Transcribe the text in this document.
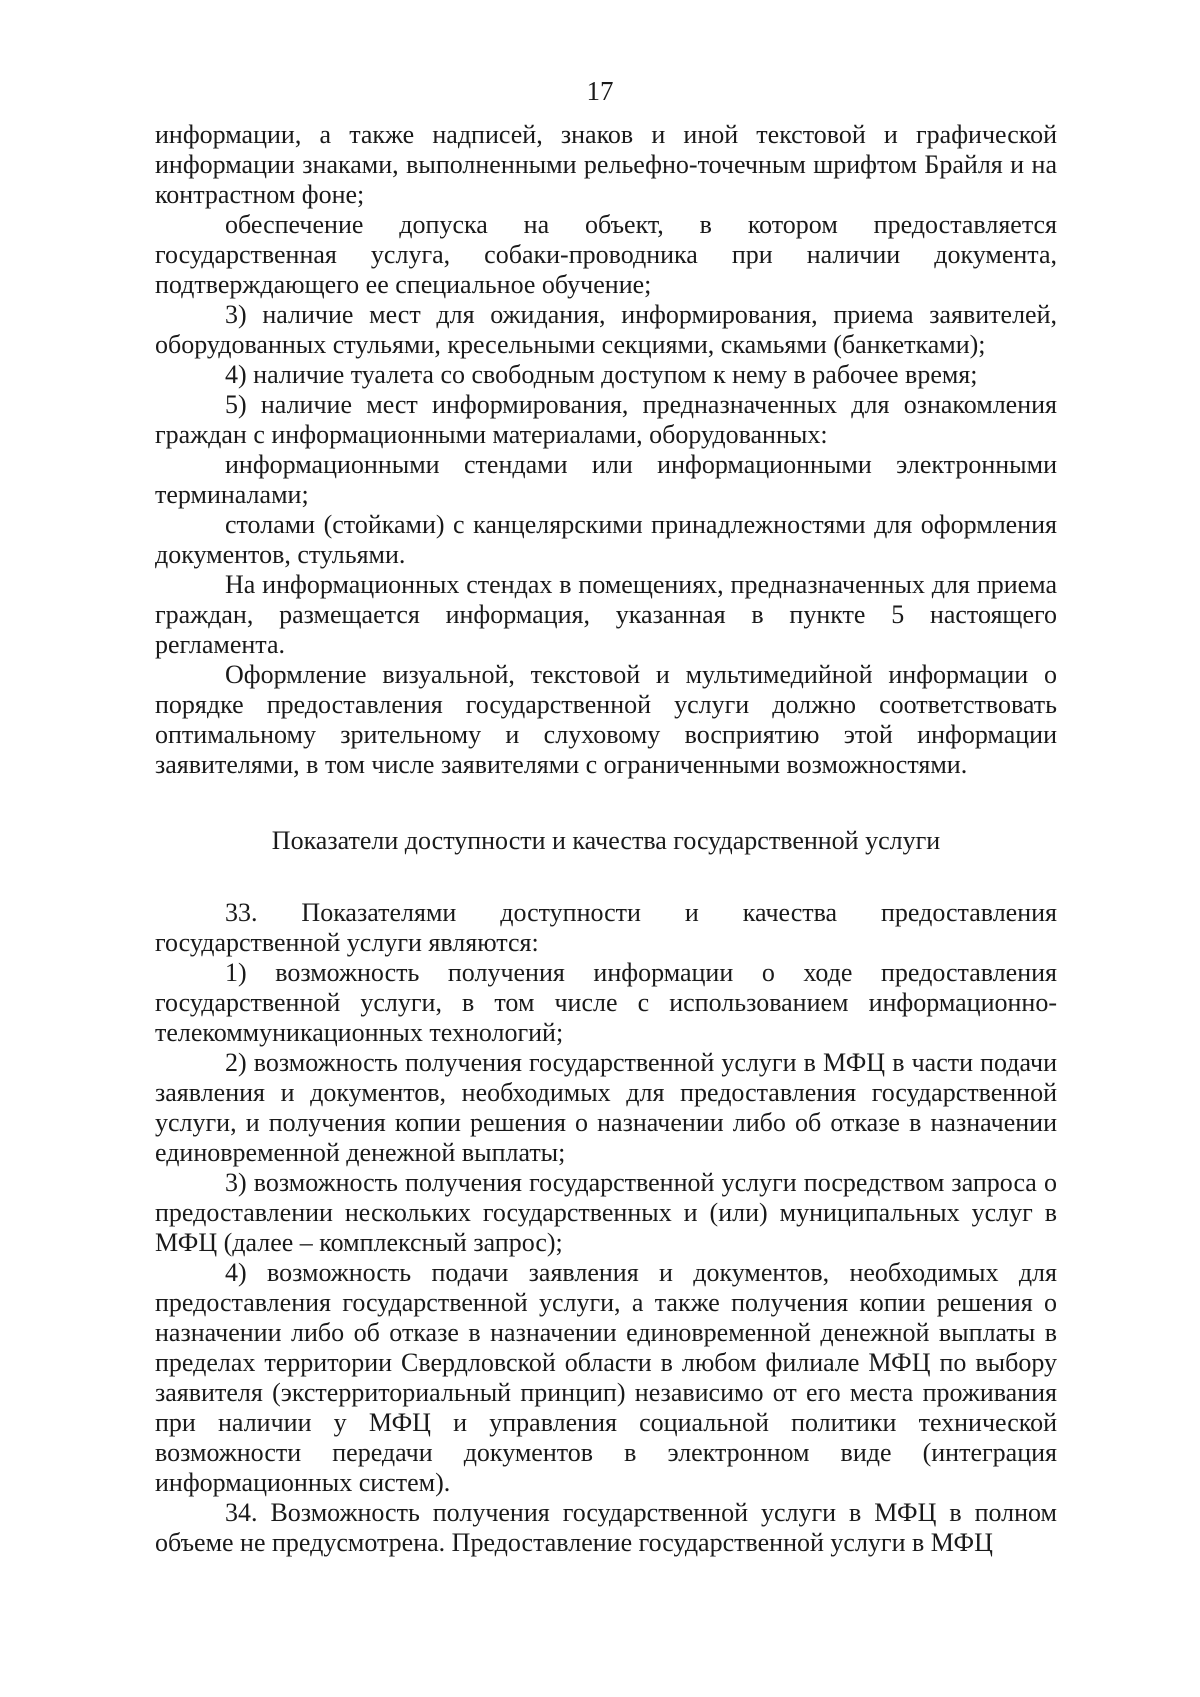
17

информации, а также надписей, знаков и иной текстовой и графической информации знаками, выполненными рельефно-точечным шрифтом Брайля и на контрастном фоне;

обеспечение допуска на объект, в котором предоставляется государственная услуга, собаки-проводника при наличии документа, подтверждающего ее специальное обучение;

3) наличие мест для ожидания, информирования, приема заявителей, оборудованных стульями, кресельными секциями, скамьями (банкетками);

4) наличие туалета со свободным доступом к нему в рабочее время;

5) наличие мест информирования, предназначенных для ознакомления граждан с информационными материалами, оборудованных:

информационными стендами или информационными электронными терминалами;

столами (стойками) с канцелярскими принадлежностями для оформления документов, стульями.

На информационных стендах в помещениях, предназначенных для приема граждан, размещается информация, указанная в пункте 5 настоящего регламента.

Оформление визуальной, текстовой и мультимедийной информации о порядке предоставления государственной услуги должно соответствовать оптимальному зрительному и слуховому восприятию этой информации заявителями, в том числе заявителями с ограниченными возможностями.

Показатели доступности и качества государственной услуги

33. Показателями доступности и качества предоставления государственной услуги являются:

1) возможность получения информации о ходе предоставления государственной услуги, в том числе с использованием информационно-телекоммуникационных технологий;

2) возможность получения государственной услуги в МФЦ в части подачи заявления и документов, необходимых для предоставления государственной услуги, и получения копии решения о назначении либо об отказе в назначении единовременной денежной выплаты;

3) возможность получения государственной услуги посредством запроса о предоставлении нескольких государственных и (или) муниципальных услуг в МФЦ (далее – комплексный запрос);

4) возможность подачи заявления и документов, необходимых для предоставления государственной услуги, а также получения копии решения о назначении либо об отказе в назначении единовременной денежной выплаты в пределах территории Свердловской области в любом филиале МФЦ по выбору заявителя (экстерриториальный принцип) независимо от его места проживания при наличии у МФЦ и управления социальной политики технической возможности передачи документов в электронном виде (интеграция информационных систем).

34. Возможность получения государственной услуги в МФЦ в полном объеме не предусмотрена. Предоставление государственной услуги в МФЦ
